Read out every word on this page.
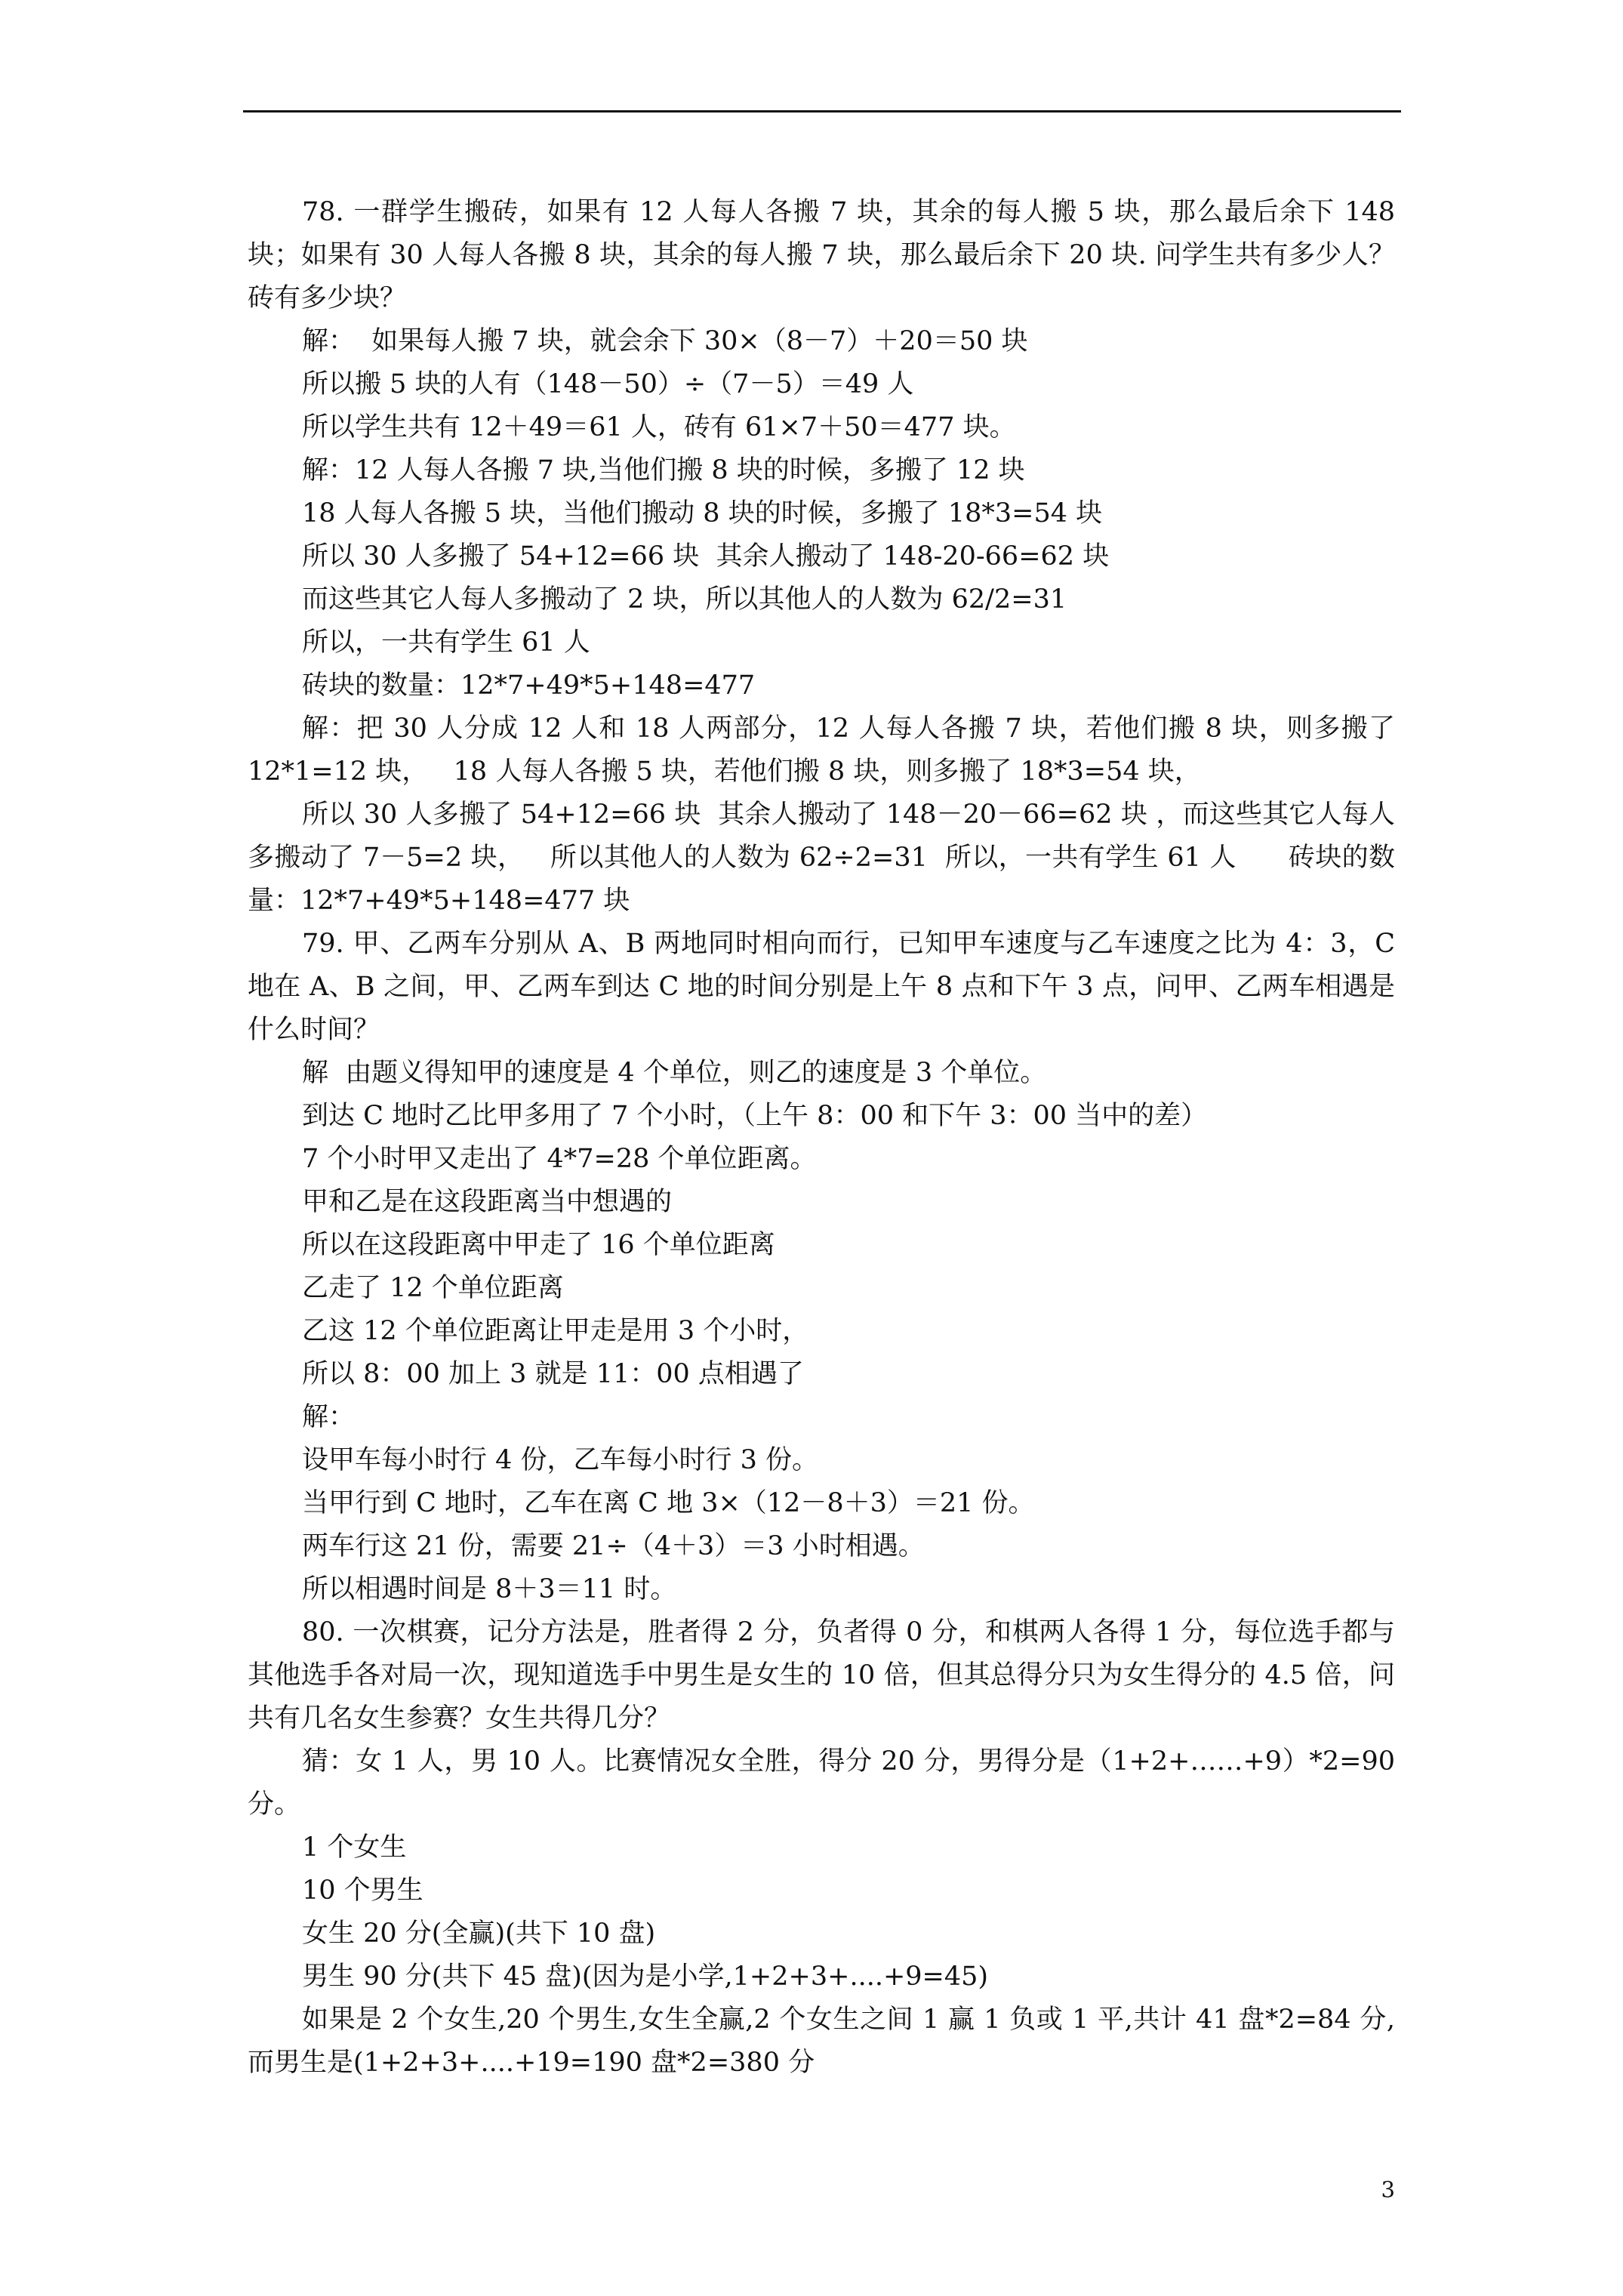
78. 一群学生搬砖，如果有 12 人每人各搬 7 块，其余的每人搬 5 块，那么最后余下 148 块；如果有 30 人每人各搬 8 块，其余的每人搬 7 块，那么最后余下 20 块. 问学生共有多少人？砖有多少块？

解：  如果每人搬 7 块，就会余下 30×（8－7）＋20＝50 块

所以搬 5 块的人有（148－50）÷（7－5）＝49 人

所以学生共有 12＋49＝61 人，砖有 61×7＋50＝477 块。

解：12 人每人各搬 7 块,当他们搬 8 块的时候，多搬了 12 块

18 人每人各搬 5 块，当他们搬动 8 块的时候，多搬了 18*3=54 块

所以 30 人多搬了 54+12=66 块  其余人搬动了 148-20-66=62 块

而这些其它人每人多搬动了 2 块，所以其他人的人数为 62/2=31

所以，一共有学生 61 人

砖块的数量：12*7+49*5+148=477

解：把 30 人分成 12 人和 18 人两部分，12 人每人各搬 7 块，若他们搬 8 块，则多搬了 12*1=12 块，   18 人每人各搬 5 块，若他们搬 8 块，则多搬了 18*3=54 块，

所以 30 人多搬了 54+12=66 块  其余人搬动了 148－20－66=62 块 ，而这些其它人每人多搬动了 7－5=2 块，   所以其他人的人数为 62÷2=31  所以，一共有学生 61 人      砖块的数量：12*7+49*5+148=477 块

79. 甲、乙两车分别从 A、B 两地同时相向而行，已知甲车速度与乙车速度之比为 4：3，C 地在 A、B 之间，甲、乙两车到达 C 地的时间分别是上午 8 点和下午 3 点，问甲、乙两车相遇是什么时间？

解  由题义得知甲的速度是 4 个单位，则乙的速度是 3 个单位。

到达 C 地时乙比甲多用了 7 个小时，（上午 8：00 和下午 3：00 当中的差）

7 个小时甲又走出了 4*7=28 个单位距离。

甲和乙是在这段距离当中想遇的

所以在这段距离中甲走了 16 个单位距离

乙走了 12 个单位距离

乙这 12 个单位距离让甲走是用 3 个小时，

所以 8：00 加上 3 就是 11：00 点相遇了

解：

设甲车每小时行 4 份，乙车每小时行 3 份。

当甲行到 C 地时，乙车在离 C 地 3×（12－8＋3）＝21 份。

两车行这 21 份，需要 21÷（4＋3）＝3 小时相遇。

所以相遇时间是 8＋3＝11 时。

80. 一次棋赛，记分方法是，胜者得 2 分，负者得 0 分，和棋两人各得 1 分，每位选手都与其他选手各对局一次，现知道选手中男生是女生的 10 倍，但其总得分只为女生得分的 4.5 倍，问共有几名女生参赛？女生共得几分？

猜：女 1 人，男 10 人。比赛情况女全胜，得分 20 分，男得分是（1+2+……+9）*2=90 分。

1 个女生

10 个男生

女生 20 分(全赢)(共下 10 盘)

男生 90 分(共下 45 盘)(因为是小学,1+2+3+....+9=45)

如果是 2 个女生,20 个男生,女生全赢,2 个女生之间 1 赢 1 负或 1 平,共计 41 盘*2=84 分,而男生是(1+2+3+....+19=190 盘*2=380 分

3
